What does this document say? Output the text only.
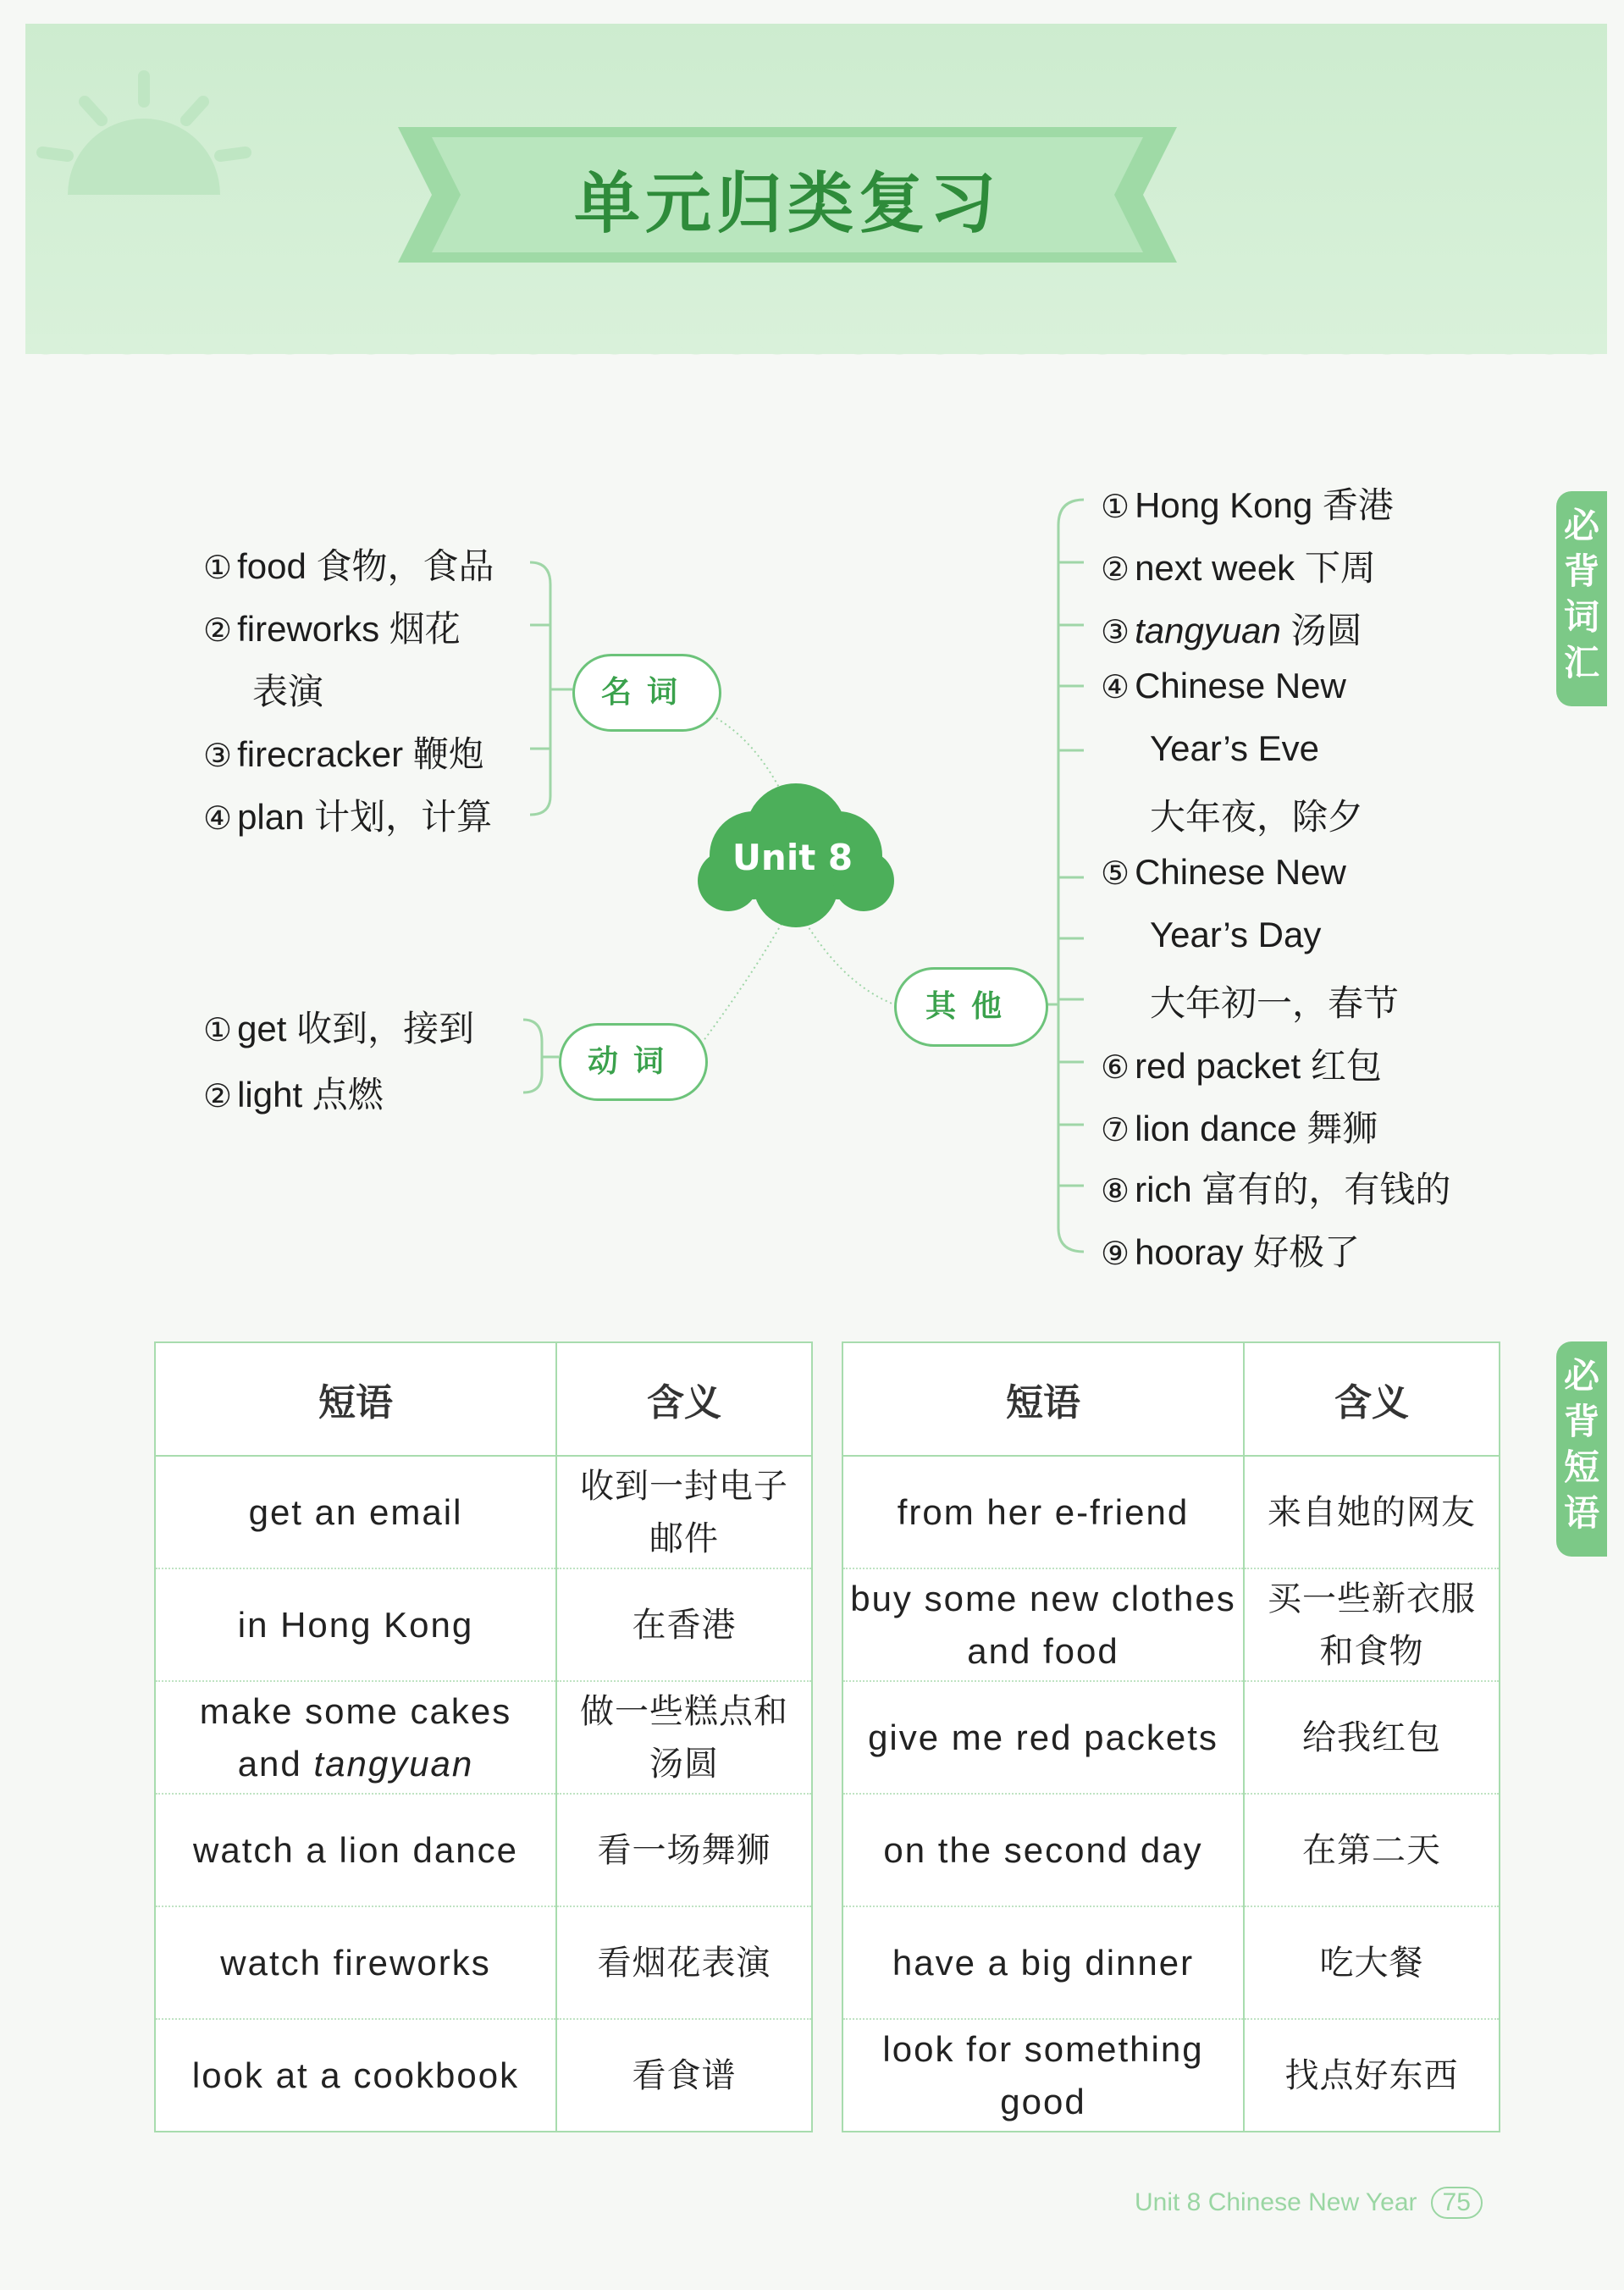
单元归类复习
必
背
词
汇
必
背
短
语
Unit 8
名词
动词
其他
① food 食物，食品
② fireworks 烟花
表演
③ firecracker 鞭炮
④ plan 计划，计算
① get 收到，接到
② light 点燃
① Hong Kong 香港
② next week 下周
③ tangyuan 汤圆
④ Chinese New
Year’s Eve
大年夜，除夕
⑤ Chinese New
Year’s Day
大年初一，春节
⑥ red packet 红包
⑦ lion dance 舞狮
⑧ rich 富有的，有钱的
⑨ hooray 好极了
短语	含义
get an email	收到一封电子邮件
in Hong Kong	在香港
make some cakes and tangyuan	做一些糕点和汤圆
watch a lion dance	看一场舞狮
watch fireworks	看烟花表演
look at a cookbook	看食谱
短语	含义
from her e-friend	来自她的网友
buy some new clothes and food	买一些新衣服和食物
give me red packets	给我红包
on the second day	在第二天
have a big dinner	吃大餐
look for something good	找点好东西
Unit 8 Chinese New Year 75
